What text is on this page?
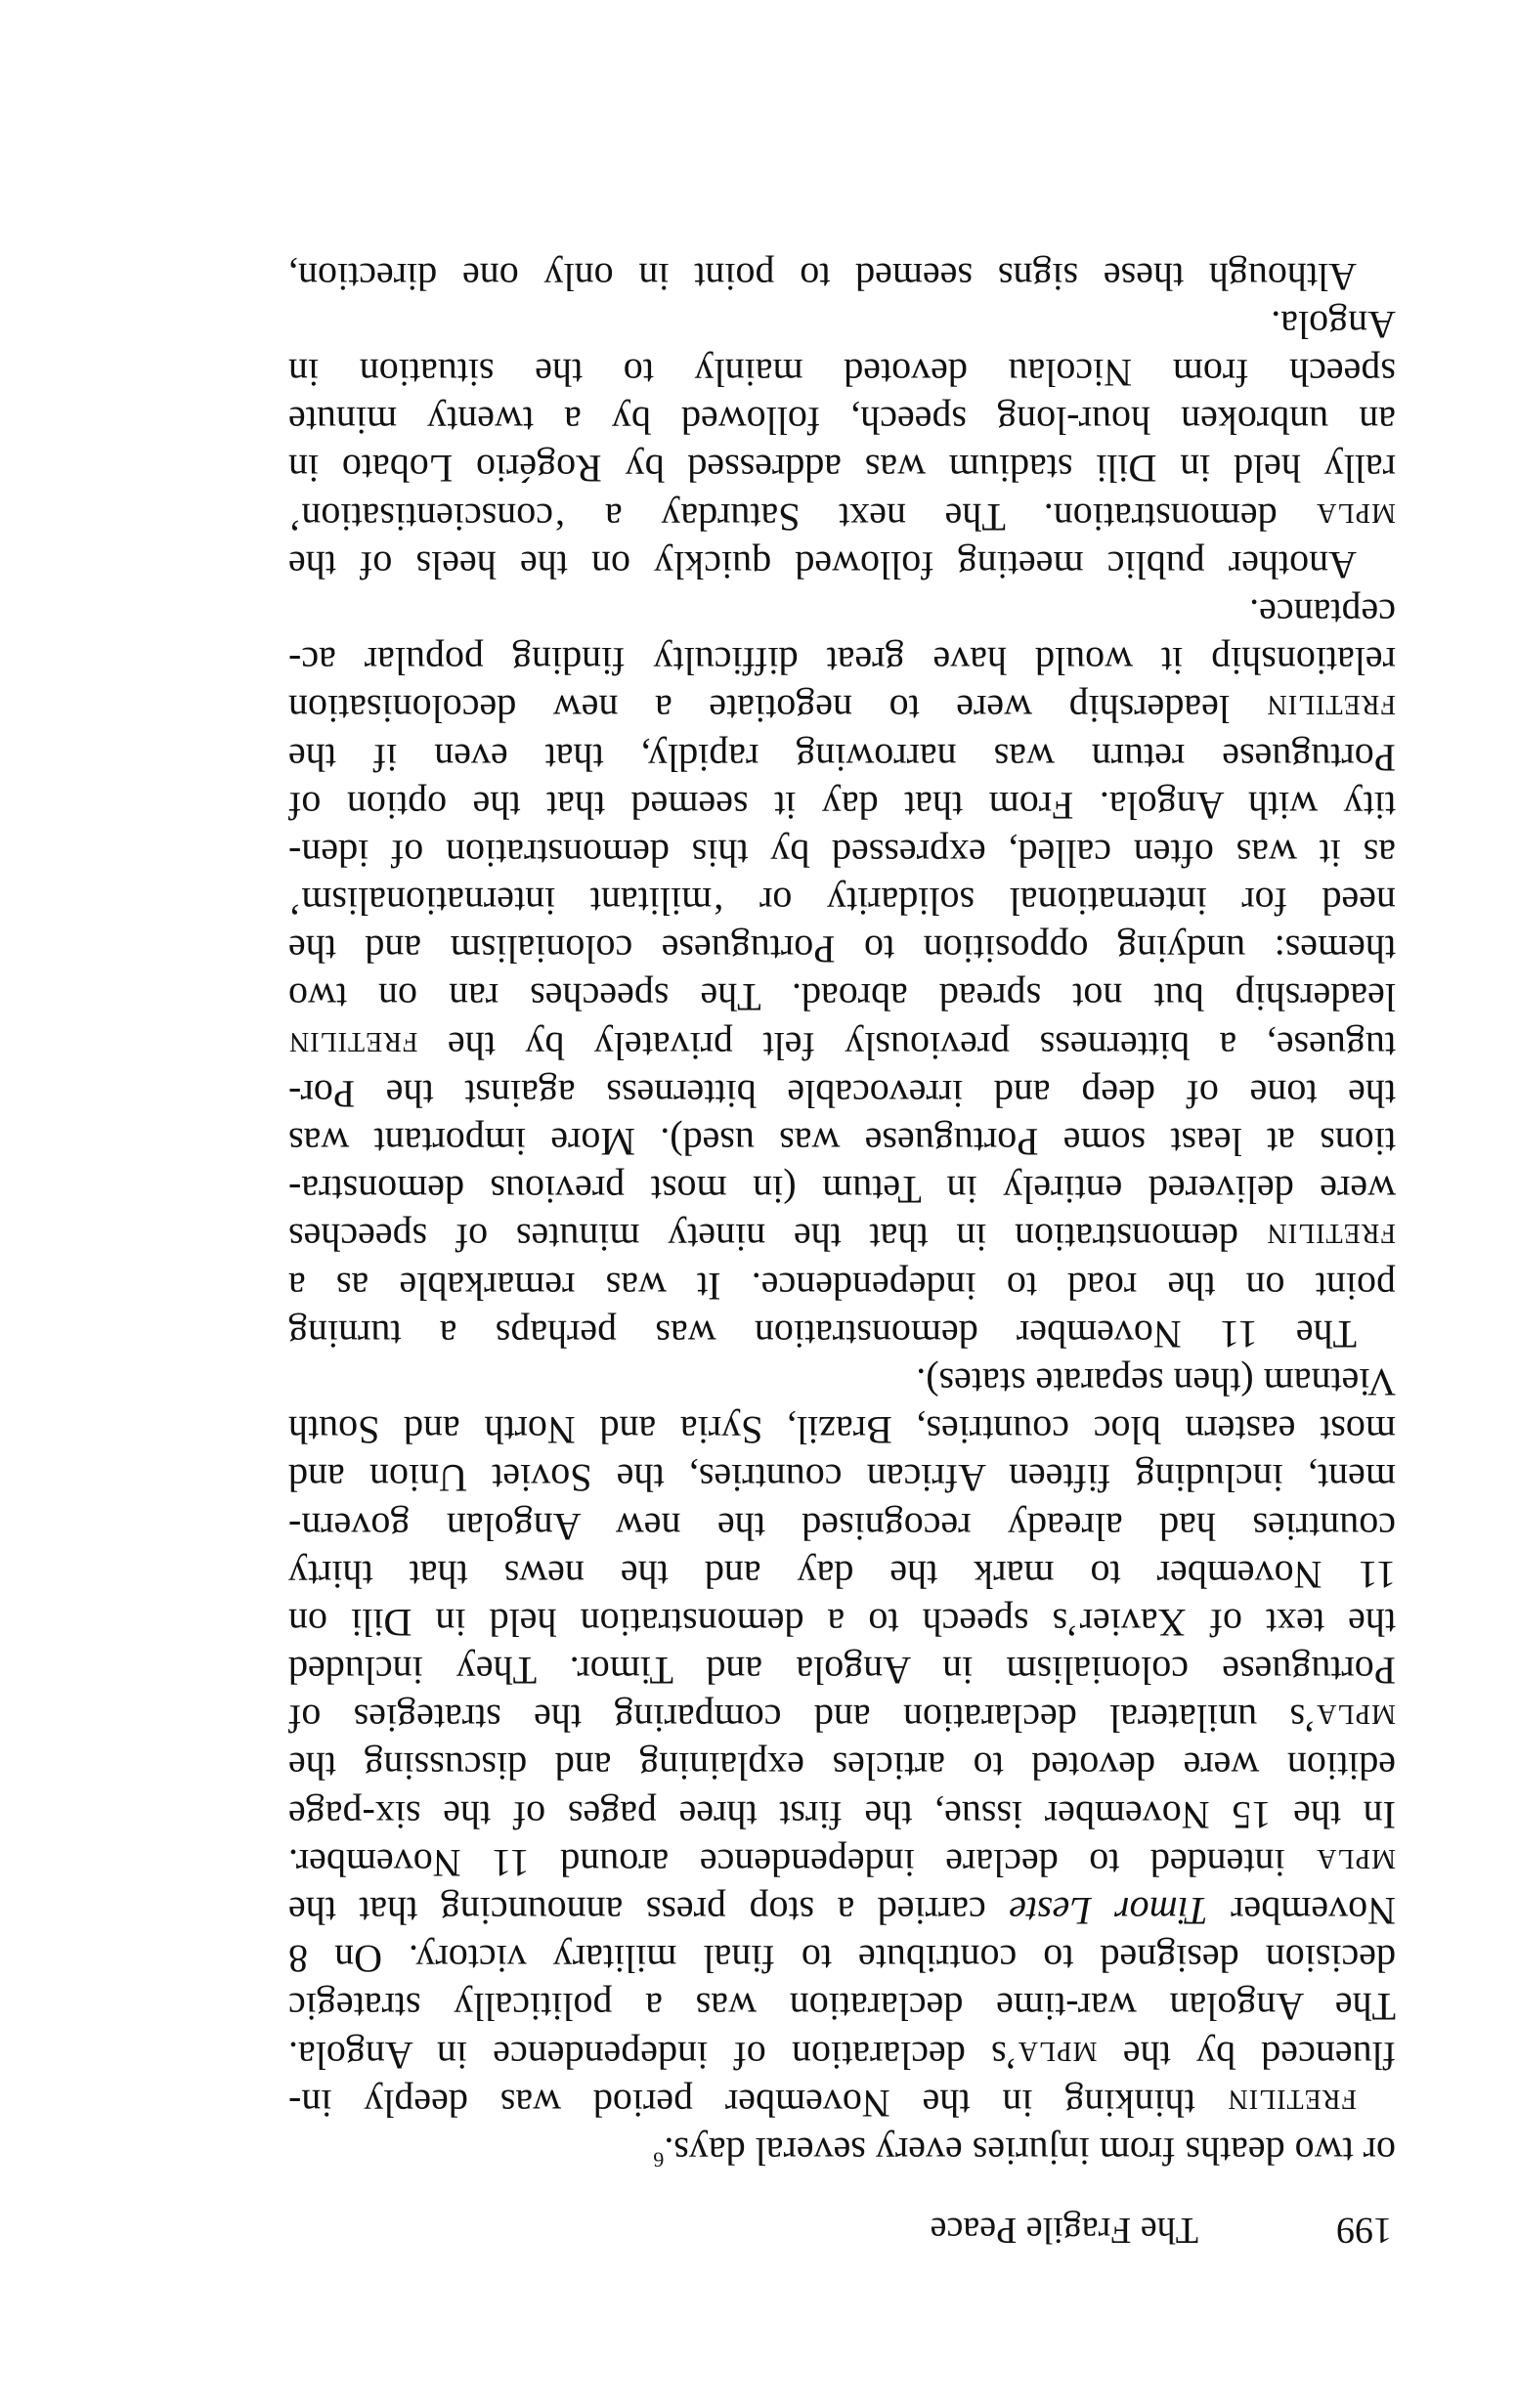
199
The Fragile Peace
or two deaths from injuries every several days.$^6$
fretilin thinking in the November period was deeply in-
fluenced by the mpla’s declaration of independence in Angola.
The Angolan war-time declaration was a politically strategic
decision designed to contribute to final military victory. On 8
November Timor Leste carried a stop press announcing that the
mpla intended to declare independence around 11 November.
In the 15 November issue, the first three pages of the six-page
edition were devoted to articles explaining and discussing the
mpla’s unilateral declaration and comparing the strategies of
Portuguese colonialism in Angola and Timor. They included
the text of Xavier’s speech to a demonstration held in Dili on
11 November to mark the day and the news that thirty
countries had already recognised the new Angolan govern-
ment, including fifteen African countries, the Soviet Union and
most eastern bloc countries, Brazil, Syria and North and South
Vietnam (then separate states).
The 11 November demonstration was perhaps a turning
point on the road to independence. It was remarkable as a
fretilin demonstration in that the ninety minutes of speeches
were delivered entirely in Tetum (in most previous demonstra-
tions at least some Portuguese was used). More important was
the tone of deep and irrevocable bitterness against the Por-
tuguese, a bitterness previously felt privately by the fretilin
leadership but not spread abroad. The speeches ran on two
themes: undying opposition to Portuguese colonialism and the
need for international solidarity or ‘militant internationalism’
as it was often called, expressed by this demonstration of iden-
tity with Angola. From that day it seemed that the option of
Portuguese return was narrowing rapidly, that even if the
fretilin leadership were to negotiate a new decolonisation
relationship it would have great difficulty finding popular ac-
ceptance.
Another public meeting followed quickly on the heels of the
mpla demonstration. The next Saturday a ‘conscientisation’
rally held in Dili stadium was addressed by Rogério Lobato in
an unbroken hour-long speech, followed by a twenty minute
speech from Nicolau devoted mainly to the situation in
Angola.
Although these signs seemed to point in only one direction,
